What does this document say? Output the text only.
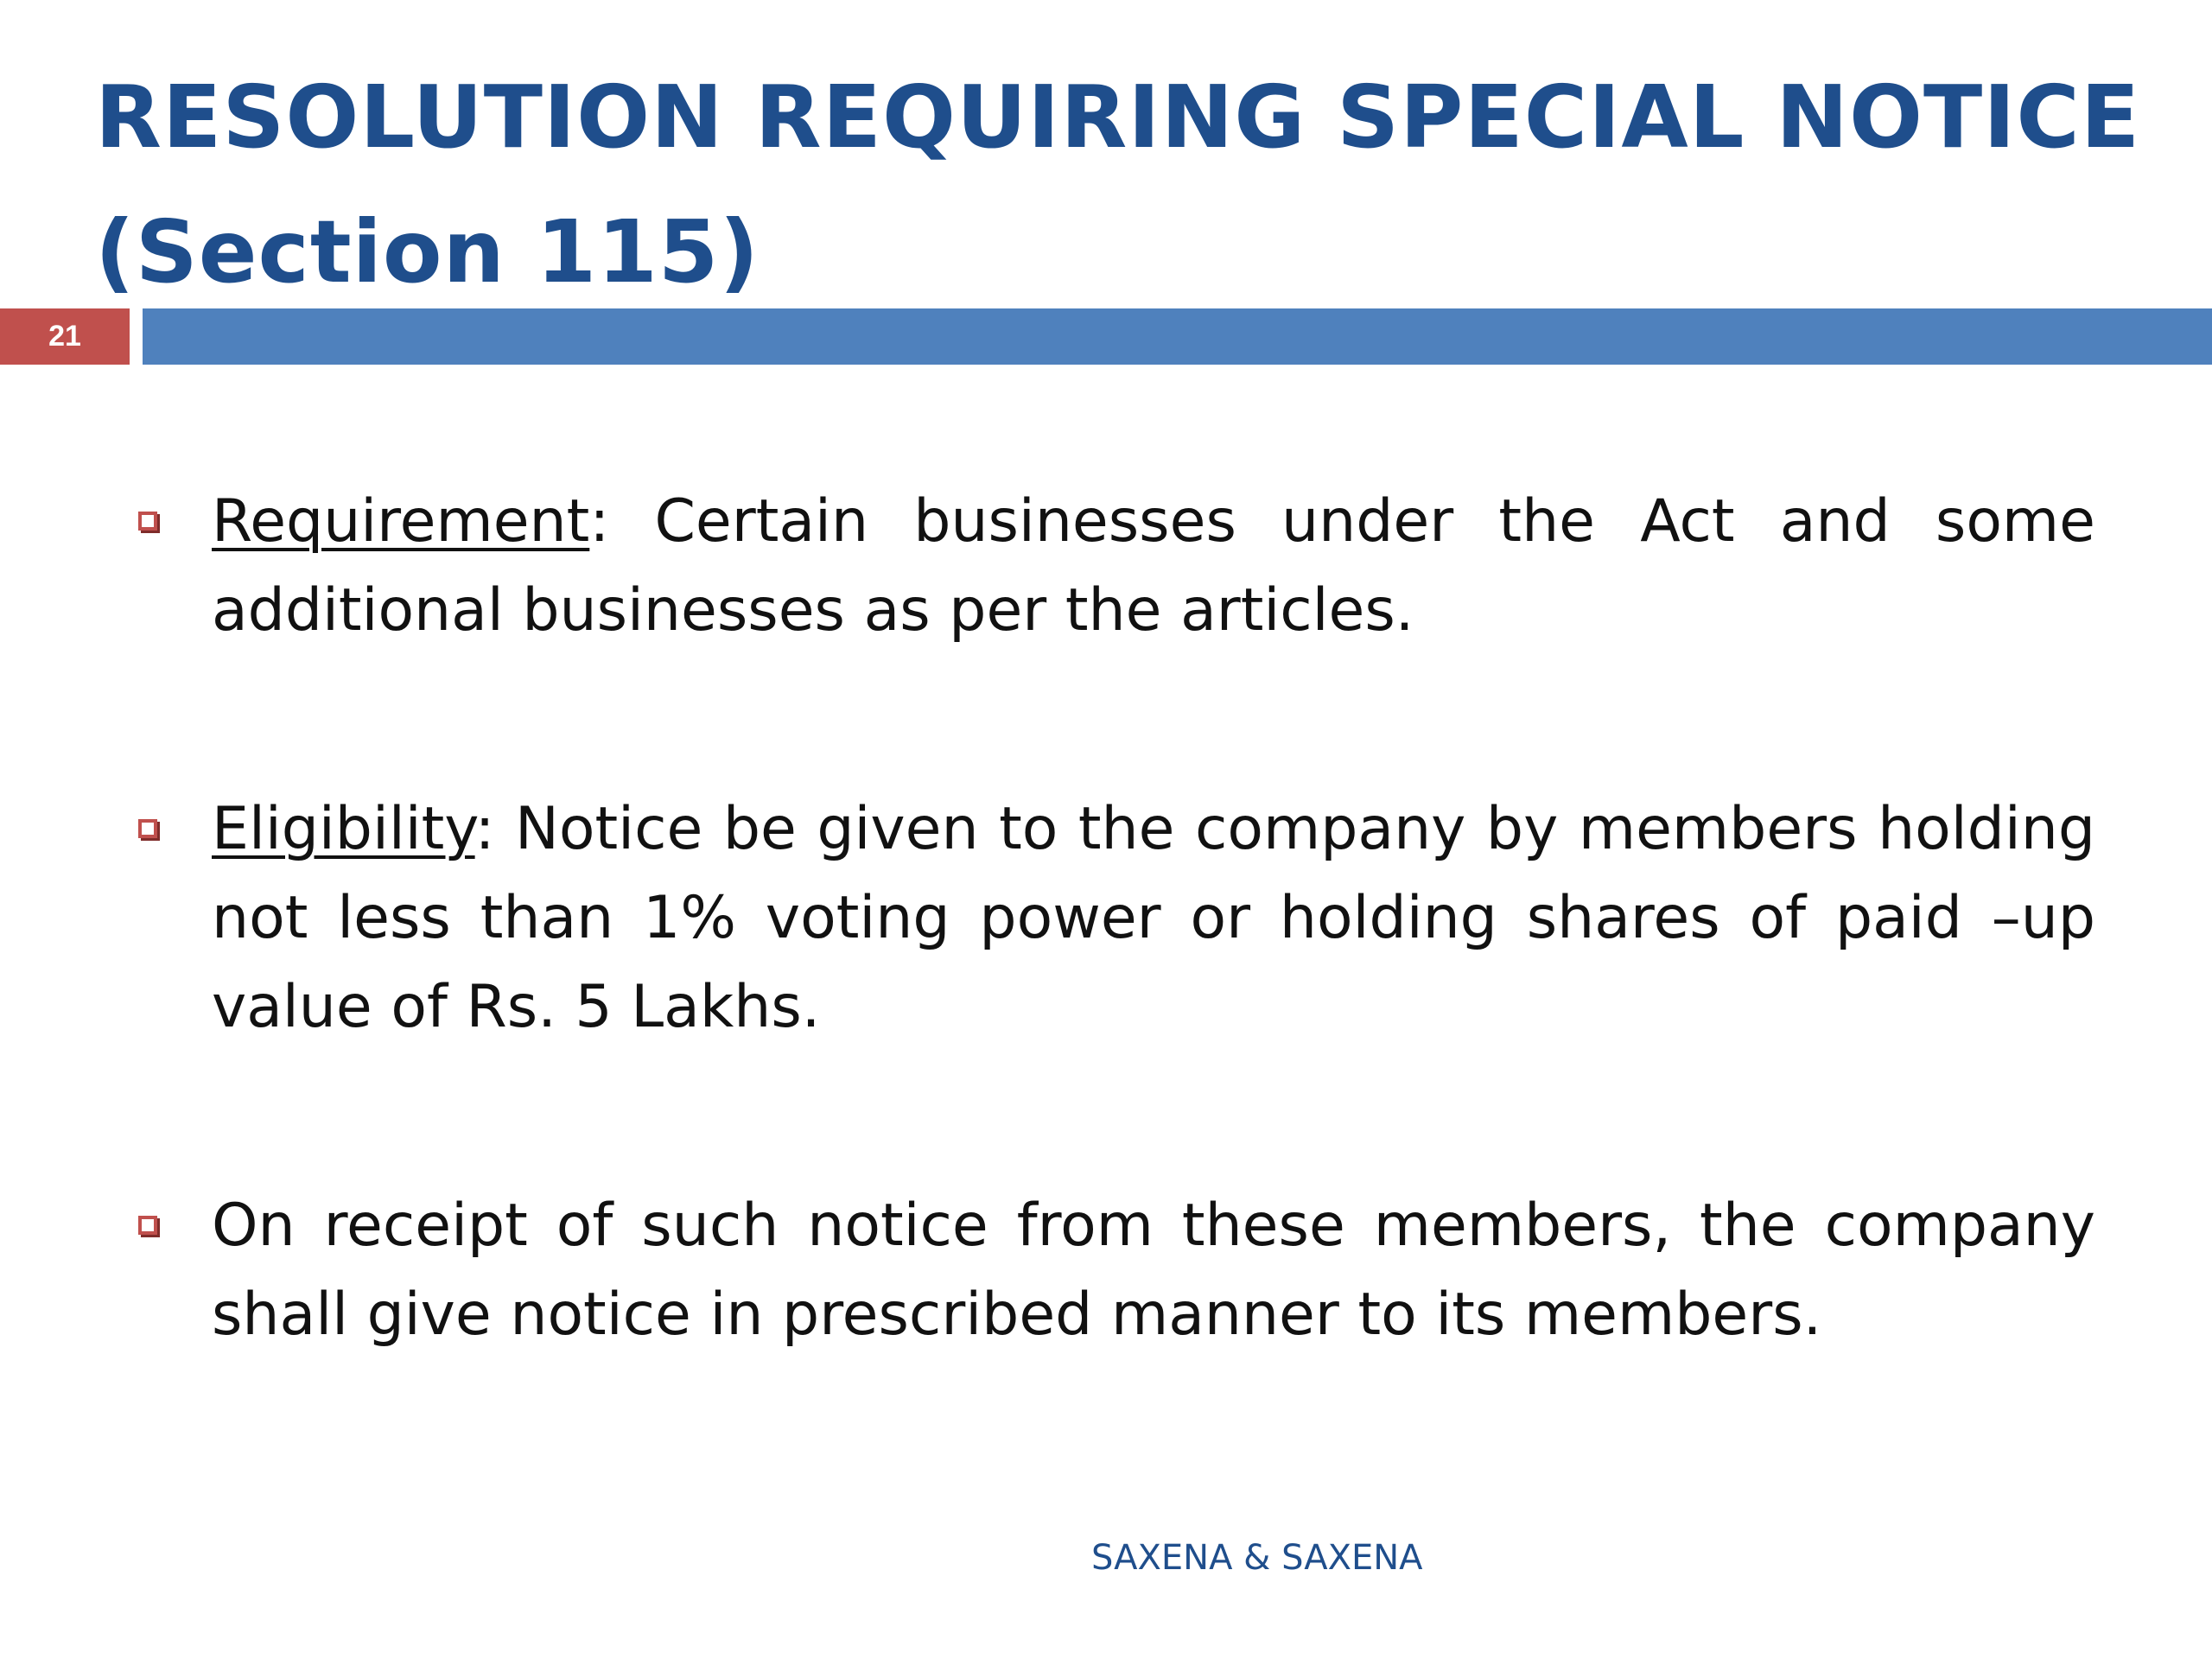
RESOLUTION REQUIRING SPECIAL NOTICE
(Section 115)
21

Requirement: Certain businesses under the Act and some additional businesses as per the articles.

Eligibility: Notice be given to the company by members holding not less than 1% voting power or holding shares of paid –up value of Rs. 5 Lakhs.

On receipt of such notice from these members, the company shall give notice in prescribed manner to its members.

SAXENA & SAXENA
